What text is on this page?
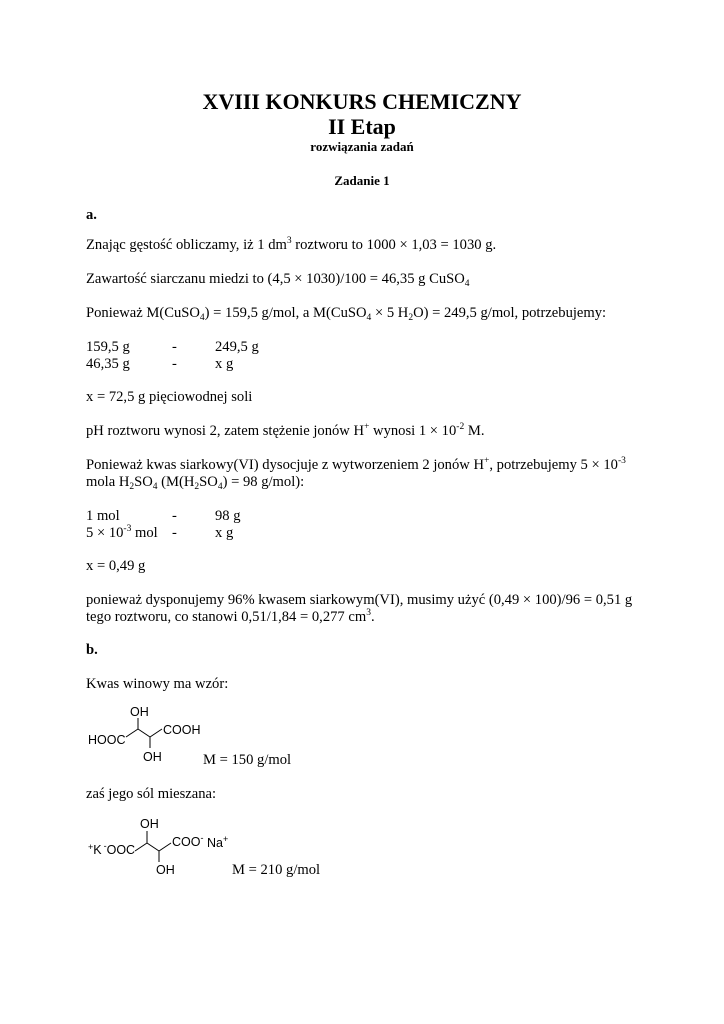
XVIII KONKURS CHEMICZNY
II Etap
rozwiązania zadań
Zadanie 1
a.
Znając gęstość obliczamy, iż 1 $dm^3$ roztworu to 1000 × 1,03 = 1030 g.
Zawartość siarczanu miedzi to (4,5 × 1030)/100 = 46,35 g CuSO$_4$
Ponieważ M(CuSO$_4$) = 159,5 g/mol, a M(CuSO$_4$ × 5 $H_2O) = 249,5$ g/mol, potrzebujemy:
159,5 g	-	249,5 g
46,35 g	-	x g
x = 72,5 g pięciowodnej soli
pH roztworu wynosi 2, zatem stężenie jonów H+ wynosi $1 \times 10^{-2}$ M.
Ponieważ kwas siarkowy(VI) dysocjuje z wytworzeniem 2 jonów H+, potrzebujemy $5 \times 10^{-3}$
mola $H_2SO_4$ ($M(H_2SO_4) = 98$ g/mol):
1 mol	-	98 g
$5 \times 10^{-3}$ mol -	x g
x = 0,49 g
ponieważ dysponujemy 96% kwasem siarkowym(VI), musimy użyć (0,49 × 100)/96 = 0,51 g
tego roztworu, co stanowi 0,51/1,84 = 0,277 $cm^3$.
b.
Kwas winowy ma wzór:
OH
COOH
HOOC
OH	M = 150 g/mol
zaś jego sól mieszana:
OH
COO- Na+
+K -OOC
OH	M = 210 g/mol
